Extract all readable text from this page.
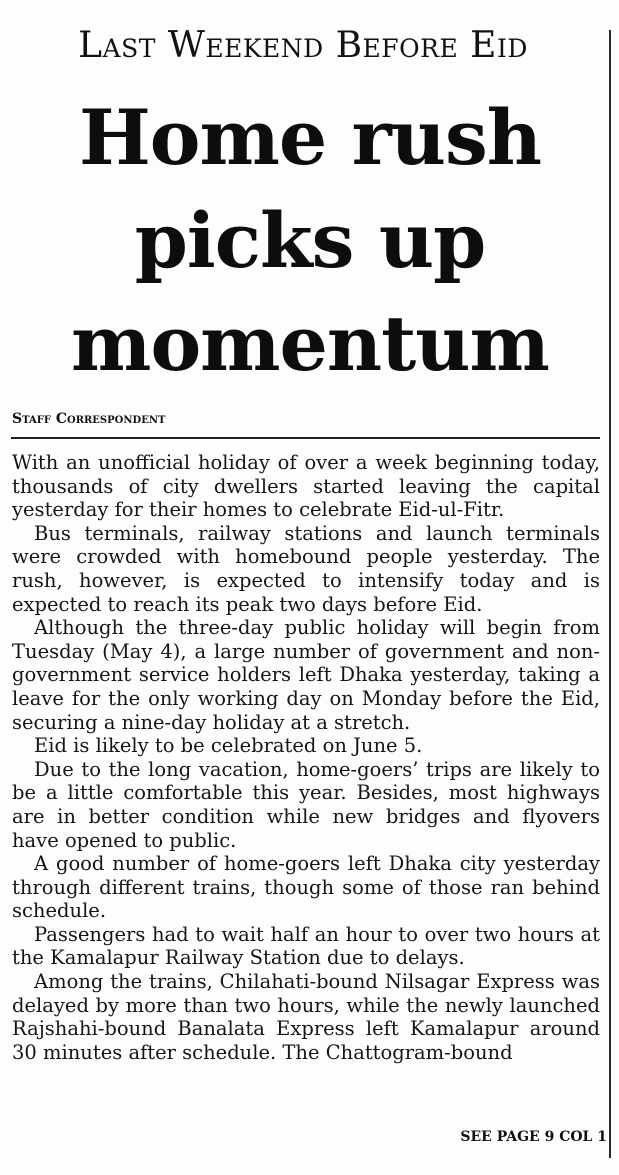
Last Weekend Before Eid
Home rush
picks up
momentum
Staff Correspondent

With an unofficial holiday of over a week beginning today, thousands of city dwellers started leaving the capital yesterday for their homes to celebrate Eid-ul-Fitr.

Bus terminals, railway stations and launch terminals were crowded with homebound people yesterday. The rush, however, is expected to intensify today and is expected to reach its peak two days before Eid.

Although the three-day public holiday will begin from Tuesday (May 4), a large number of government and non-government service holders left Dhaka yesterday, taking a leave for the only working day on Monday before the Eid, securing a nine-day holiday at a stretch.

Eid is likely to be celebrated on June 5.

Due to the long vacation, home-goers’ trips are likely to be a little comfortable this year. Besides, most highways are in better condition while new bridges and flyovers have opened to public.

A good number of home-goers left Dhaka city yesterday through different trains, though some of those ran behind schedule.

Passengers had to wait half an hour to over two hours at the Kamalapur Railway Station due to delays.

Among the trains, Chilahati-bound Nilsagar Express was delayed by more than two hours, while the newly launched Rajshahi-bound Banalata Express left Kamalapur around 30 minutes after schedule. The Chattogram-bound

SEE PAGE 9 COL 1
